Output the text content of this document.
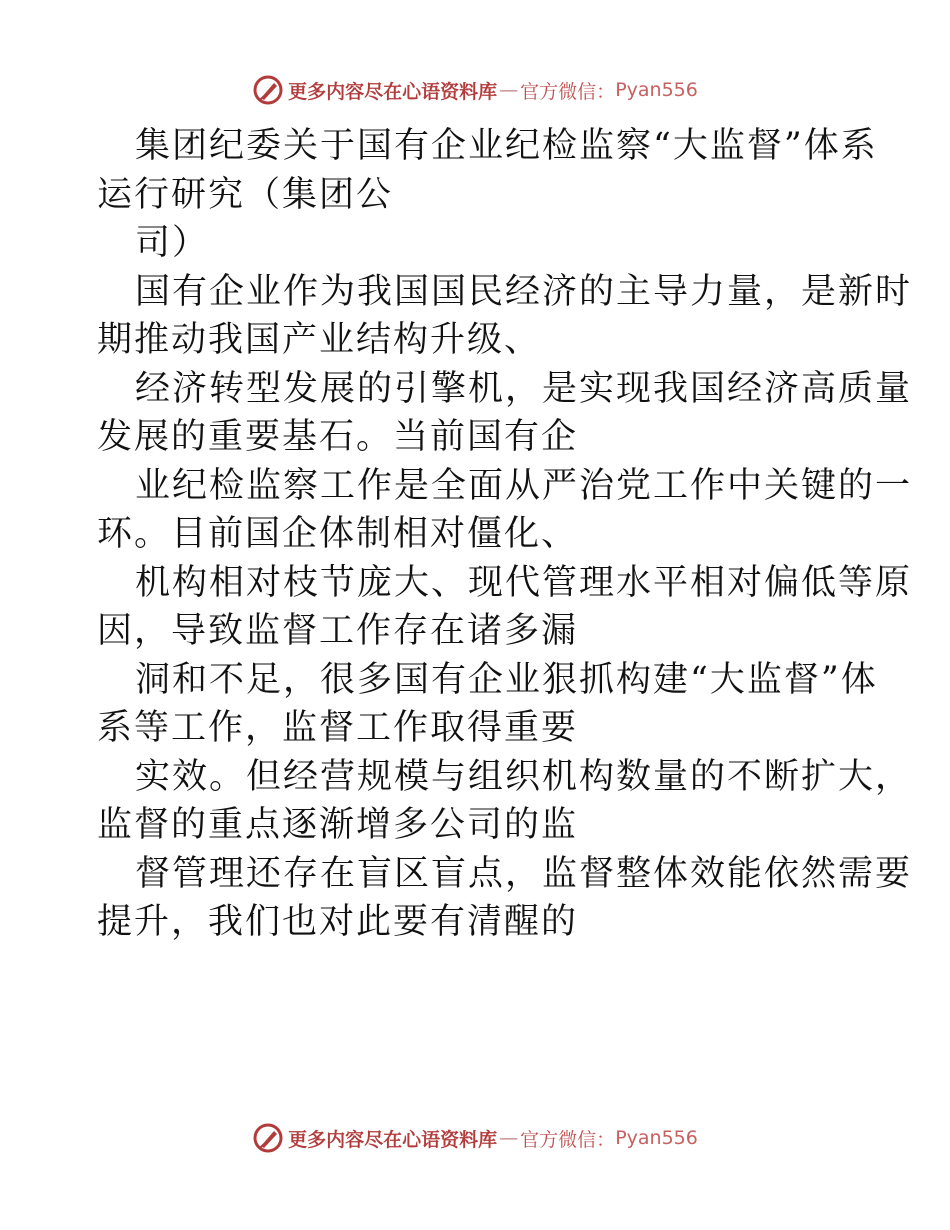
更多内容尽在心语资料库 — 官方微信： Pyan556
集团纪委关于国有企业纪检监察“大监督”体系
运行研究（集团公
司）
国有企业作为我国国民经济的主导力量，是新时
期推动我国产业结构升级、
经济转型发展的引擎机，是实现我国经济高质量
发展的重要基石。当前国有企
业纪检监察工作是全面从严治党工作中关键的一
环。目前国企体制相对僵化、
机构相对枝节庞大、现代管理水平相对偏低等原
因，导致监督工作存在诸多漏
洞和不足，很多国有企业狠抓构建“大监督”体
系等工作，监督工作取得重要
实效。但经营规模与组织机构数量的不断扩大，
监督的重点逐渐增多公司的监
督管理还存在盲区盲点，监督整体效能依然需要
提升，我们也对此要有清醒的
更多内容尽在心语资料库 — 官方微信： Pyan556
